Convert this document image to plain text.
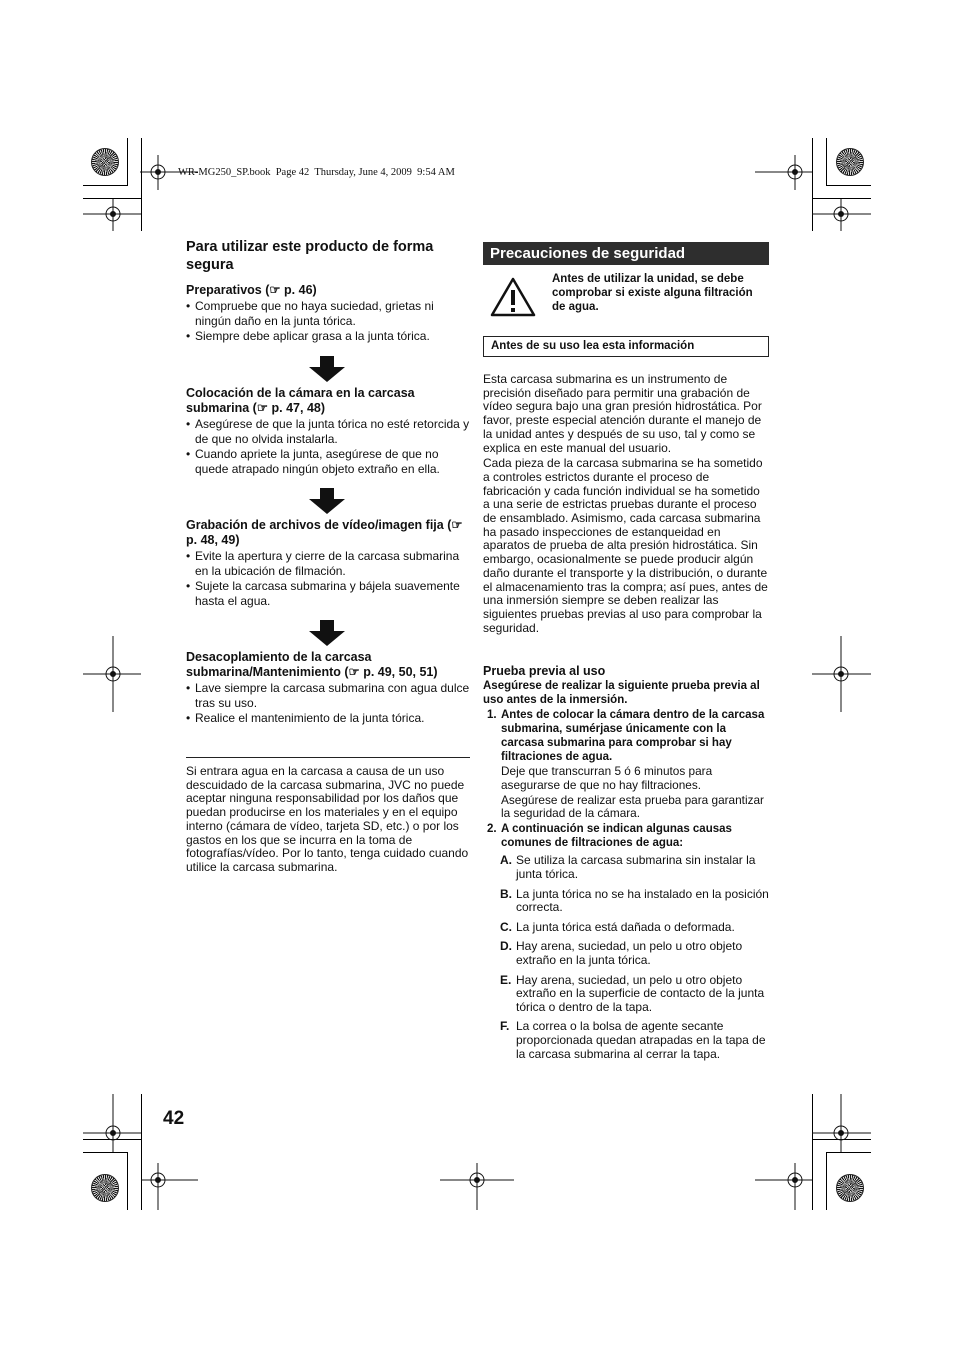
WR-MG250_SP.book  Page 42  Thursday, June 4, 2009  9:54 AM
Para utilizar este producto de forma segura

Preparativos (☞ p. 46)

• Compruebe que no haya suciedad, grietas ni ningún daño en la junta tórica.

• Siempre debe aplicar grasa a la junta tórica.

Colocación de la cámara en la carcasa submarina (☞ p. 47, 48)

• Asegúrese de que la junta tórica no esté retorcida y de que no olvida instalarla.

• Cuando apriete la junta, asegúrese de que no quede atrapado ningún objeto extraño en ella.

Grabación de archivos de vídeo/imagen fija (☞ p. 48, 49)

• Evite la apertura y cierre de la carcasa submarina en la ubicación de filmación.

• Sujete la carcasa submarina y bájela suavemente hasta el agua.

Desacoplamiento de la carcasa submarina/Mantenimiento (☞ p. 49, 50, 51)

• Lave siempre la carcasa submarina con agua dulce tras su uso.

• Realice el mantenimiento de la junta tórica.

Si entrara agua en la carcasa a causa de un uso descuidado de la carcasa submarina, JVC no puede aceptar ninguna responsabilidad por los daños que puedan producirse en los materiales y en el equipo interno (cámara de vídeo, tarjeta SD, etc.) o por los gastos en los que se incurra en la toma de fotografías/vídeo. Por lo tanto, tenga cuidado cuando utilice la carcasa submarina.

42
Precauciones de seguridad

Antes de utilizar la unidad, se debe comprobar si existe alguna filtración de agua.

Antes de su uso lea esta información

Esta carcasa submarina es un instrumento de precisión diseñado para permitir una grabación de vídeo segura bajo una gran presión hidrostática. Por favor, preste especial atención durante el manejo de la unidad antes y después de su uso, tal y como se explica en este manual del usuario.

Cada pieza de la carcasa submarina se ha sometido a controles estrictos durante el proceso de fabricación y cada función individual se ha sometido a una serie de estrictas pruebas durante el proceso de ensamblado. Asimismo, cada carcasa submarina ha pasado inspecciones de estanqueidad en aparatos de prueba de alta presión hidrostática. Sin embargo, ocasionalmente se puede producir algún daño durante el transporte y la distribución, o durante el almacenamiento tras la compra; así pues, antes de una inmersión siempre se deben realizar las siguientes pruebas previas al uso para comprobar la seguridad.

Prueba previa al uso

Asegúrese de realizar la siguiente prueba previa al uso antes de la inmersión.

1. Antes de colocar la cámara dentro de la carcasa submarina, sumérjase únicamente con la carcasa submarina para comprobar si hay filtraciones de agua.

Deje que transcurran 5 ó 6 minutos para asegurarse de que no hay filtraciones.

Asegúrese de realizar esta prueba para garantizar la seguridad de la cámara.

2. A continuación se indican algunas causas comunes de filtraciones de agua:
A. Se utiliza la carcasa submarina sin instalar la junta tórica.
B. La junta tórica no se ha instalado en la posición correcta.
C. La junta tórica está dañada o deformada.
D. Hay arena, suciedad, un pelo u otro objeto extraño en la junta tórica.
E. Hay arena, suciedad, un pelo u otro objeto extraño en la superficie de contacto de la junta tórica o dentro de la tapa.
F. La correa o la bolsa de agente secante proporcionada quedan atrapadas en la tapa de la carcasa submarina al cerrar la tapa.
